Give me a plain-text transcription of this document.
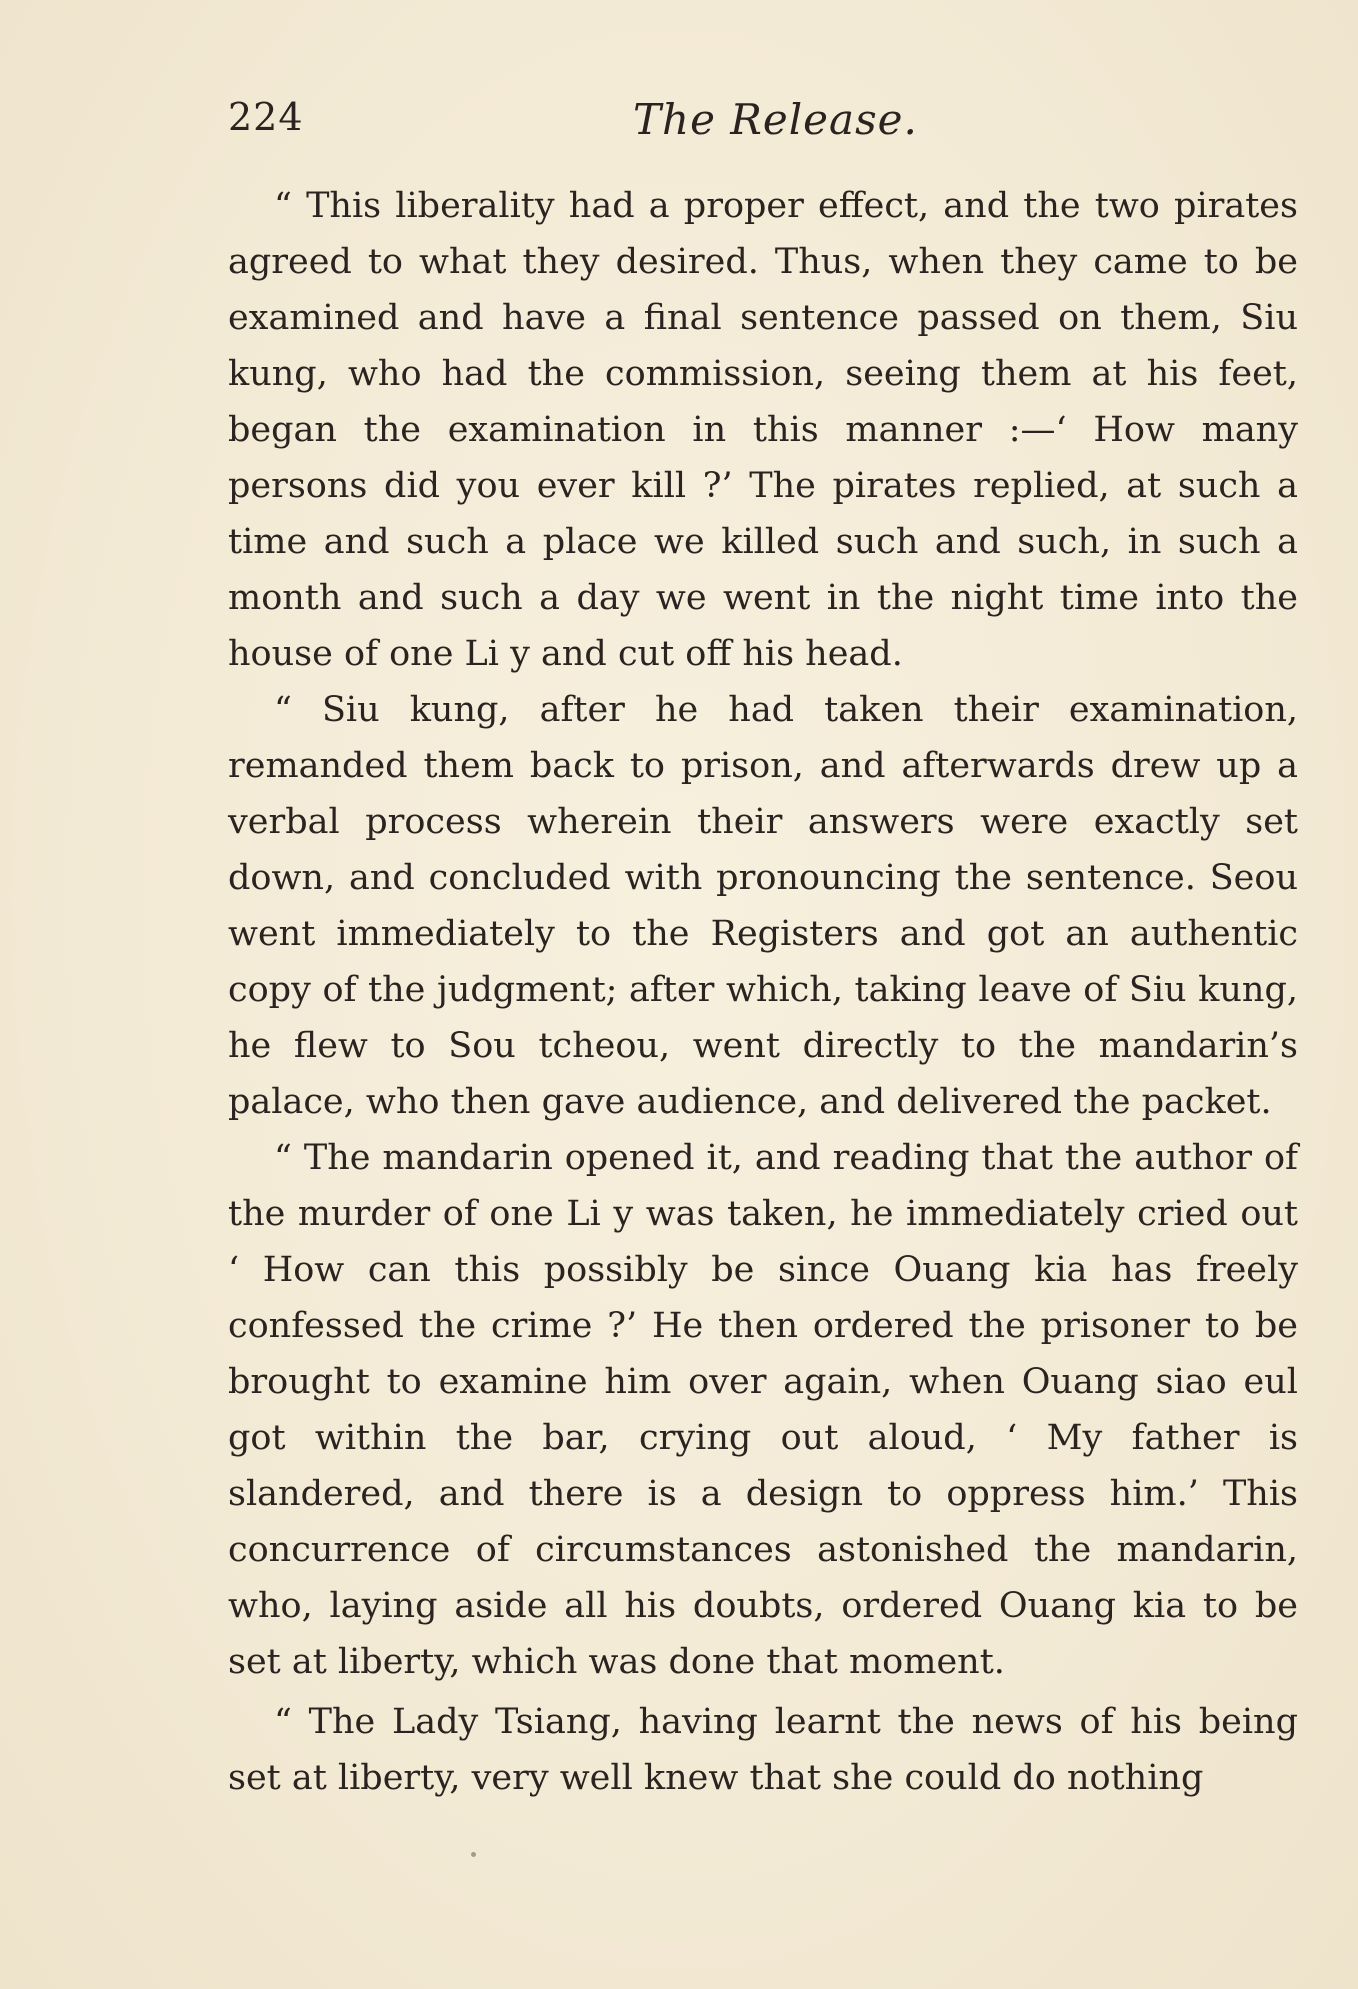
224	The Release.

“ This liberality had a proper effect, and the two pirates agreed to what they desired. Thus, when they came to be examined and have a final sentence passed on them, Siu kung, who had the commission, seeing them at his feet, began the examination in this manner :—‘ How many persons did you ever kill ?’ The pirates replied, at such a time and such a place we killed such and such, in such a month and such a day we went in the night time into the house of one Li y and cut off his head.

“ Siu kung, after he had taken their examination, remanded them back to prison, and afterwards drew up a verbal process wherein their answers were exactly set down, and concluded with pronouncing the sentence. Seou went immediately to the Registers and got an authentic copy of the judgment; after which, taking leave of Siu kung, he flew to Sou tcheou, went directly to the mandarin’s palace, who then gave audience, and delivered the packet.

“ The mandarin opened it, and reading that the author of the murder of one Li y was taken, he immediately cried out ‘ How can this possibly be since Ouang kia has freely confessed the crime ?’ He then ordered the prisoner to be brought to examine him over again, when Ouang siao eul got within the bar, crying out aloud, ‘ My father is slandered, and there is a design to oppress him.’ This concurrence of circumstances astonished the mandarin, who, laying aside all his doubts, ordered Ouang kia to be set at liberty, which was done that moment.

“ The Lady Tsiang, having learnt the news of his being set at liberty, very well knew that she could do nothing
